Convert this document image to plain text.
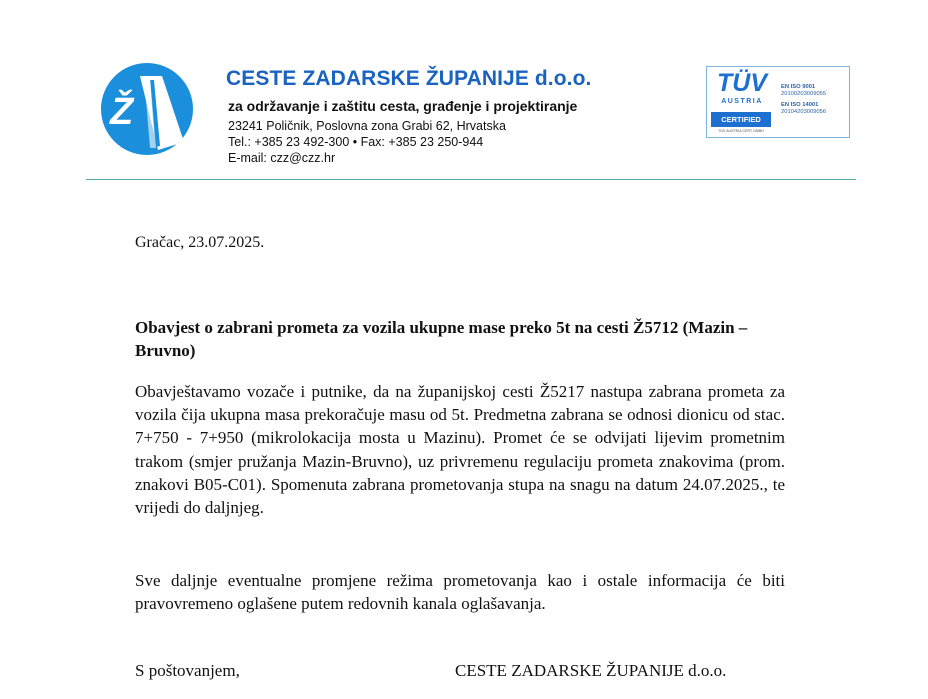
Ž
CESTE ZADARSKE ŽUPANIJE d.o.o.

za održavanje i zaštitu cesta, građenje i projektiranje

23241 Poličnik, Poslovna zona Grabi 62, Hrvatska

Tel.: +385 23 492-300 • Fax: +385 23 250-944

E-mail: czz@czz.hr

TÜV
AUSTRIA
CERTIFIED
TÜV AUSTRIA CERT GMBH
EN ISO 9001
20100203009055
EN ISO 14001
20104203009056

Gračac, 23.07.2025.

Obavjest o zabrani prometa za vozila ukupne mase preko 5t na cesti Ž5712 (Mazin – Bruvno)

Obavještavamo vozače i putnike, da na županijskoj cesti Ž5217 nastupa zabrana prometa za vozila čija ukupna masa prekoračuje masu od 5t. Predmetna zabrana se odnosi dionicu od stac. 7+750 - 7+950 (mikrolokacija mosta u Mazinu). Promet će se odvijati lijevim prometnim trakom (smjer pružanja Mazin-Bruvno), uz privremenu regulaciju prometa znakovima (prom. znakovi B05-C01). Spomenuta zabrana prometovanja stupa na snagu na datum 24.07.2025., te vrijedi do daljnjeg.

Sve daljnje eventualne promjene režima prometovanja kao i ostale informacija će biti pravovremeno oglašene putem redovnih kanala oglašavanja.

S poštovanjem,	CESTE ZADARSKE ŽUPANIJE d.o.o.
